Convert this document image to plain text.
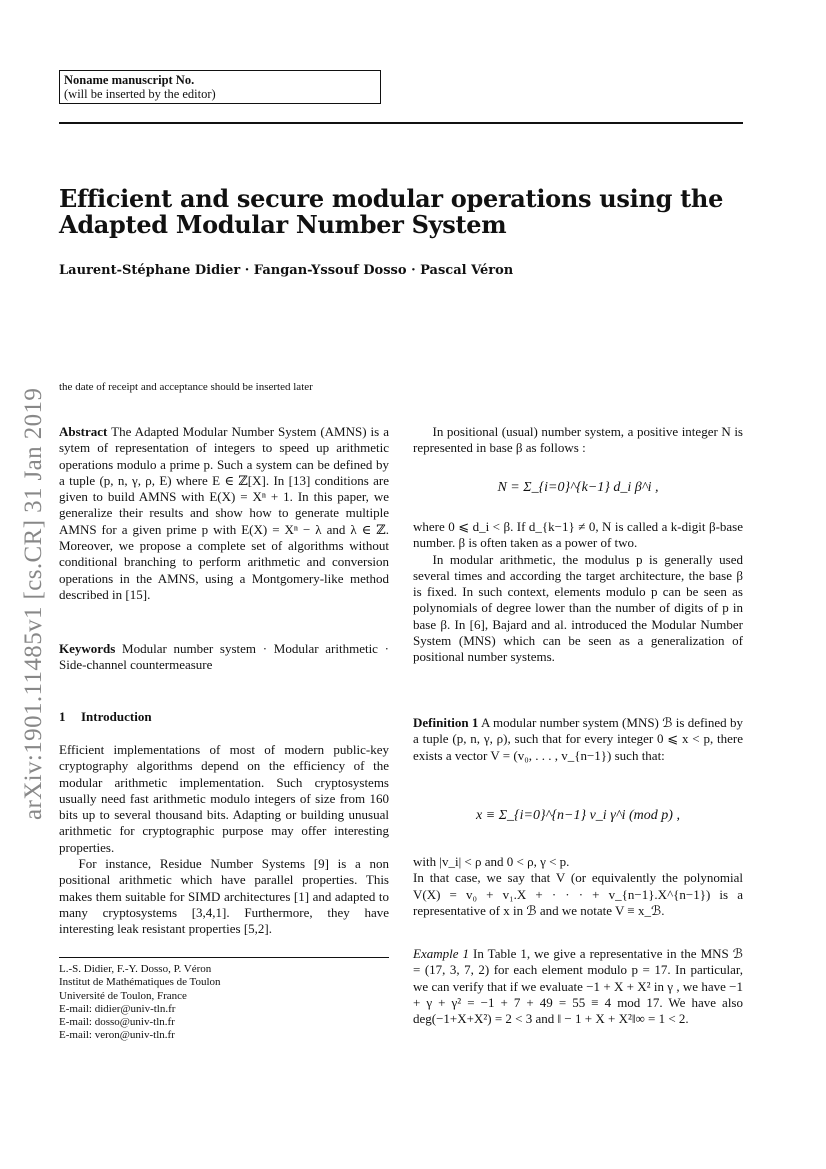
Noname manuscript No.
(will be inserted by the editor)
Efficient and secure modular operations using the Adapted Modular Number System
Laurent-Stéphane Didier · Fangan-Yssouf Dosso · Pascal Véron
arXiv:1901.11485v1 [cs.CR] 31 Jan 2019
the date of receipt and acceptance should be inserted later

Abstract The Adapted Modular Number System (AMNS) is a sytem of representation of integers to speed up arithmetic operations modulo a prime p. Such a system can be defined by a tuple (p, n, γ, ρ, E) where E ∈ ℤ[X]. In [13] conditions are given to build AMNS with E(X) = Xⁿ + 1. In this paper, we generalize their results and show how to generate multiple AMNS for a given prime p with E(X) = Xⁿ − λ and λ ∈ ℤ. Moreover, we propose a complete set of algorithms without conditional branching to perform arithmetic and conversion operations in the AMNS, using a Montgomery-like method described in [15].

Keywords Modular number system · Modular arithmetic · Side-channel countermeasure

1 Introduction

Efficient implementations of most of modern public-key cryptography algorithms depend on the efficiency of the modular arithmetic implementation. Such cryptosystems usually need fast arithmetic modulo integers of size from 160 bits up to several thousand bits. Adapting or building unusual arithmetic for cryptographic purpose may offer interesting properties.

For instance, Residue Number Systems [9] is a non positional arithmetic which have parallel properties. This makes them suitable for SIMD architectures [1] and adapted to many cryptosystems [3,4,1]. Furthermore, they have interesting leak resistant properties [5,2].

L.-S. Didier, F.-Y. Dosso, P. Véron
Institut de Mathématiques de Toulon
Université de Toulon, France
E-mail: didier@univ-tln.fr
E-mail: dosso@univ-tln.fr
E-mail: veron@univ-tln.fr

In positional (usual) number system, a positive integer N is represented in base β as follows :

N = Σ_{i=0}^{k−1} d_i β^i ,

where 0 ⩽ d_i < β. If d_{k−1} ≠ 0, N is called a k-digit β-base number. β is often taken as a power of two.

In modular arithmetic, the modulus p is generally used several times and according the target architecture, the base β is fixed. In such context, elements modulo p can be seen as polynomials of degree lower than the number of digits of p in base β. In [6], Bajard and al. introduced the Modular Number System (MNS) which can be seen as a generalization of positional number systems.

Definition 1 A modular number system (MNS) ℬ is defined by a tuple (p, n, γ, ρ), such that for every integer 0 ⩽ x < p, there exists a vector V = (v₀, . . . , v_{n−1}) such that:

x ≡ Σ_{i=0}^{n−1} v_i γ^i (mod p) ,

with |v_i| < ρ and 0 < ρ, γ < p.

In that case, we say that V (or equivalently the polynomial V(X) = v₀ + v₁.X + · · · + v_{n−1}.X^{n−1}) is a representative of x in ℬ and we notate V ≡ x_ℬ.

Example 1 In Table 1, we give a representative in the MNS ℬ = (17, 3, 7, 2) for each element modulo p = 17. In particular, we can verify that if we evaluate −1 + X + X² in γ , we have −1 + γ + γ² = −1 + 7 + 49 = 55 ≡ 4 mod 17. We have also deg(−1+X+X²) = 2 < 3 and ‖ − 1 + X + X²‖∞ = 1 < 2.
